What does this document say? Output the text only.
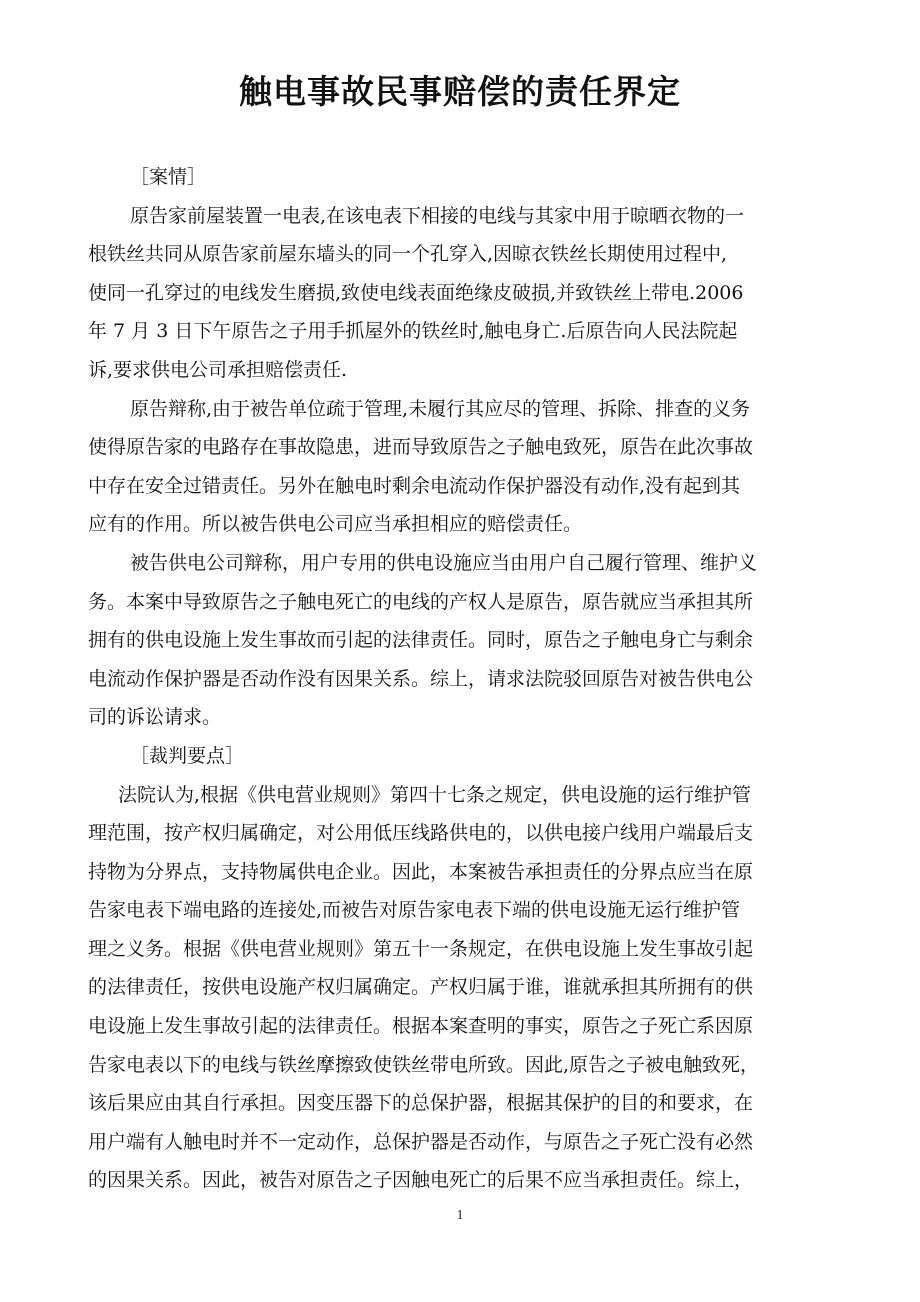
触电事故民事赔偿的责任界定
［案情］
原告家前屋装置一电表,在该电表下相接的电线与其家中用于晾晒衣物的一
根铁丝共同从原告家前屋东墙头的同一个孔穿入,因晾衣铁丝长期使用过程中,
使同一孔穿过的电线发生磨损,致使电线表面绝缘皮破损,并致铁丝上带电.2006
年 7 月 3 日下午原告之子用手抓屋外的铁丝时,触电身亡.后原告向人民法院起
诉,要求供电公司承担赔偿责任.
原告辩称,由于被告单位疏于管理,未履行其应尽的管理、拆除、排查的义务
使得原告家的电路存在事故隐患，进而导致原告之子触电致死，原告在此次事故
中存在安全过错责任。另外在触电时剩余电流动作保护器没有动作,没有起到其
应有的作用。所以被告供电公司应当承担相应的赔偿责任。
被告供电公司辩称，用户专用的供电设施应当由用户自己履行管理、维护义
务。本案中导致原告之子触电死亡的电线的产权人是原告，原告就应当承担其所
拥有的供电设施上发生事故而引起的法律责任。同时，原告之子触电身亡与剩余
电流动作保护器是否动作没有因果关系。综上，请求法院驳回原告对被告供电公
司的诉讼请求。
［裁判要点］
法院认为,根据《供电营业规则》第四十七条之规定，供电设施的运行维护管
理范围，按产权归属确定，对公用低压线路供电的，以供电接户线用户端最后支
持物为分界点，支持物属供电企业。因此，本案被告承担责任的分界点应当在原
告家电表下端电路的连接处,而被告对原告家电表下端的供电设施无运行维护管
理之义务。根据《供电营业规则》第五十一条规定，在供电设施上发生事故引起
的法律责任，按供电设施产权归属确定。产权归属于谁，谁就承担其所拥有的供
电设施上发生事故引起的法律责任。根据本案查明的事实，原告之子死亡系因原
告家电表以下的电线与铁丝摩擦致使铁丝带电所致。因此,原告之子被电触致死，
该后果应由其自行承担。因变压器下的总保护器，根据其保护的目的和要求，在
用户端有人触电时并不一定动作，总保护器是否动作，与原告之子死亡没有必然
的因果关系。因此，被告对原告之子因触电死亡的后果不应当承担责任。综上，
1
